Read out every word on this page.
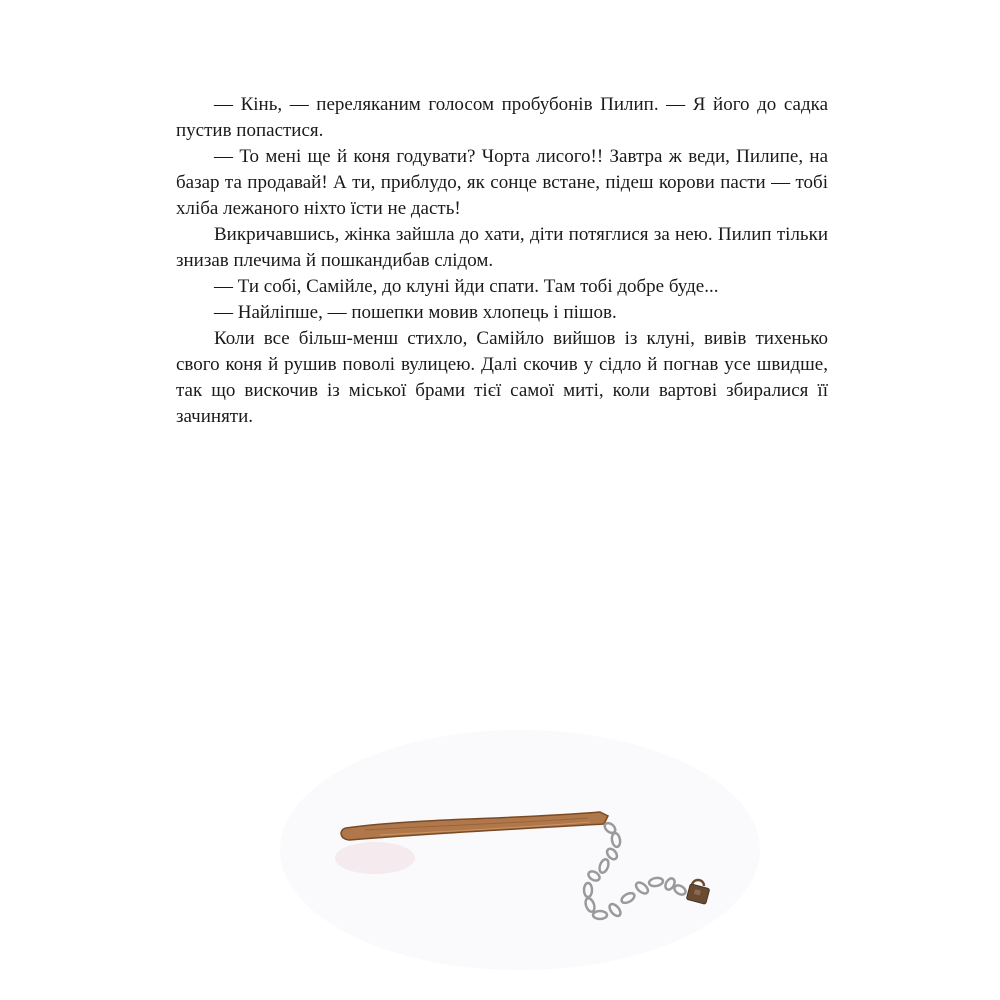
— Кінь, — переляканим голосом пробубонів Пилип. — Я його до садка пустив попастися.

— То мені ще й коня годувати? Чорта лисого!! Завтра ж веди, Пилипе, на базар та продавай! А ти, приблудо, як сонце встане, підеш корови пасти — тобі хліба лежаного ніхто їсти не дасть!

Викричавшись, жінка зайшла до хати, діти потяглися за нею. Пилип тільки знизав плечима й пошкандибав слідом.

— Ти собі, Самійле, до клуні йди спати. Там тобі добре буде...

— Найліпше, — пошепки мовив хлопець і пішов.

Коли все більш-менш стихло, Самійло вийшов із клуні, вивів тихенько свого коня й рушив поволі вулицею. Далі скочив у сідло й погнав усе швидше, так що вискочив із міської брами тієї самої миті, коли вартові збиралися її зачиняти.
